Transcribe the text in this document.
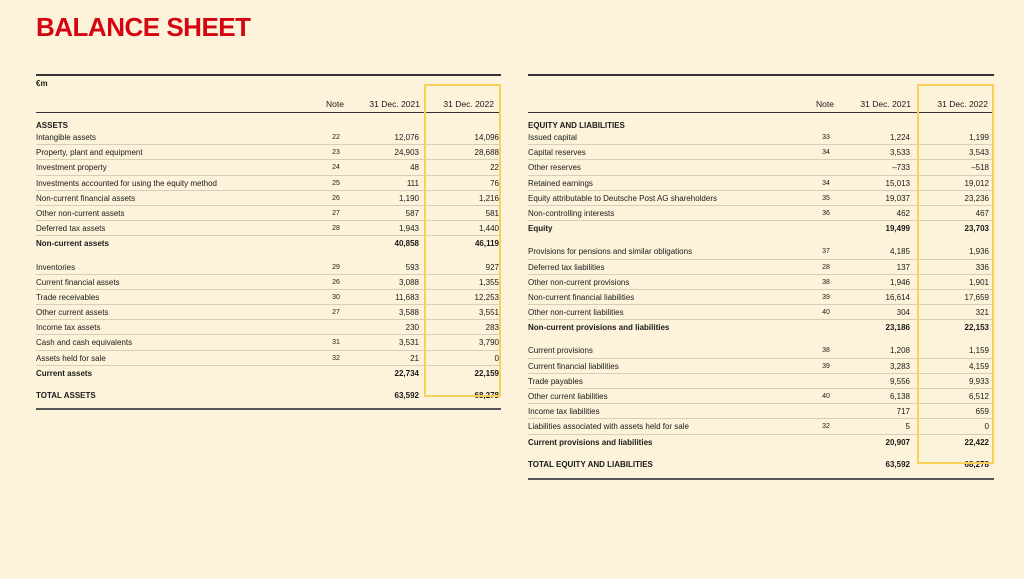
BALANCE SHEET
€m
Note	31 Dec. 2021	31 Dec. 2022
ASSETS
Intangible assets	22	12,076	14,096
Property, plant and equipment	23	24,903	28,688
Investment property	24	48	22
Investments accounted for using the equity method	25	111	76
Non-current financial assets	26	1,190	1,216
Other non-current assets	27	587	581
Deferred tax assets	28	1,943	1,440
Non-current assets	40,858	46,119
Inventories	29	593	927
Current financial assets	26	3,088	1,355
Trade receivables	30	11,683	12,253
Other current assets	27	3,588	3,551
Income tax assets	230	283
Cash and cash equivalents	31	3,531	3,790
Assets held for sale	32	21	0
Current assets	22,734	22,159
TOTAL ASSETS	63,592	68,278
Note	31 Dec. 2021	31 Dec. 2022
EQUITY AND LIABILITIES
Issued capital	33	1,224	1,199
Capital reserves	34	3,533	3,543
Other reserves	–733	–518
Retained earnings	34	15,013	19,012
Equity attributable to Deutsche Post AG shareholders	35	19,037	23,236
Non-controlling interests	36	462	467
Equity	19,499	23,703
Provisions for pensions and similar obligations	37	4,185	1,936
Deferred tax liabilities	28	137	336
Other non-current provisions	38	1,946	1,901
Non-current financial liabilities	39	16,614	17,659
Other non-current liabilities	40	304	321
Non-current provisions and liabilities	23,186	22,153
Current provisions	38	1,208	1,159
Current financial liabilities	39	3,283	4,159
Trade payables	9,556	9,933
Other current liabilities	40	6,138	6,512
Income tax liabilities	717	659
Liabilities associated with assets held for sale	32	5	0
Current provisions and liabilities	20,907	22,422
TOTAL EQUITY AND LIABILITIES	63,592	68,278
